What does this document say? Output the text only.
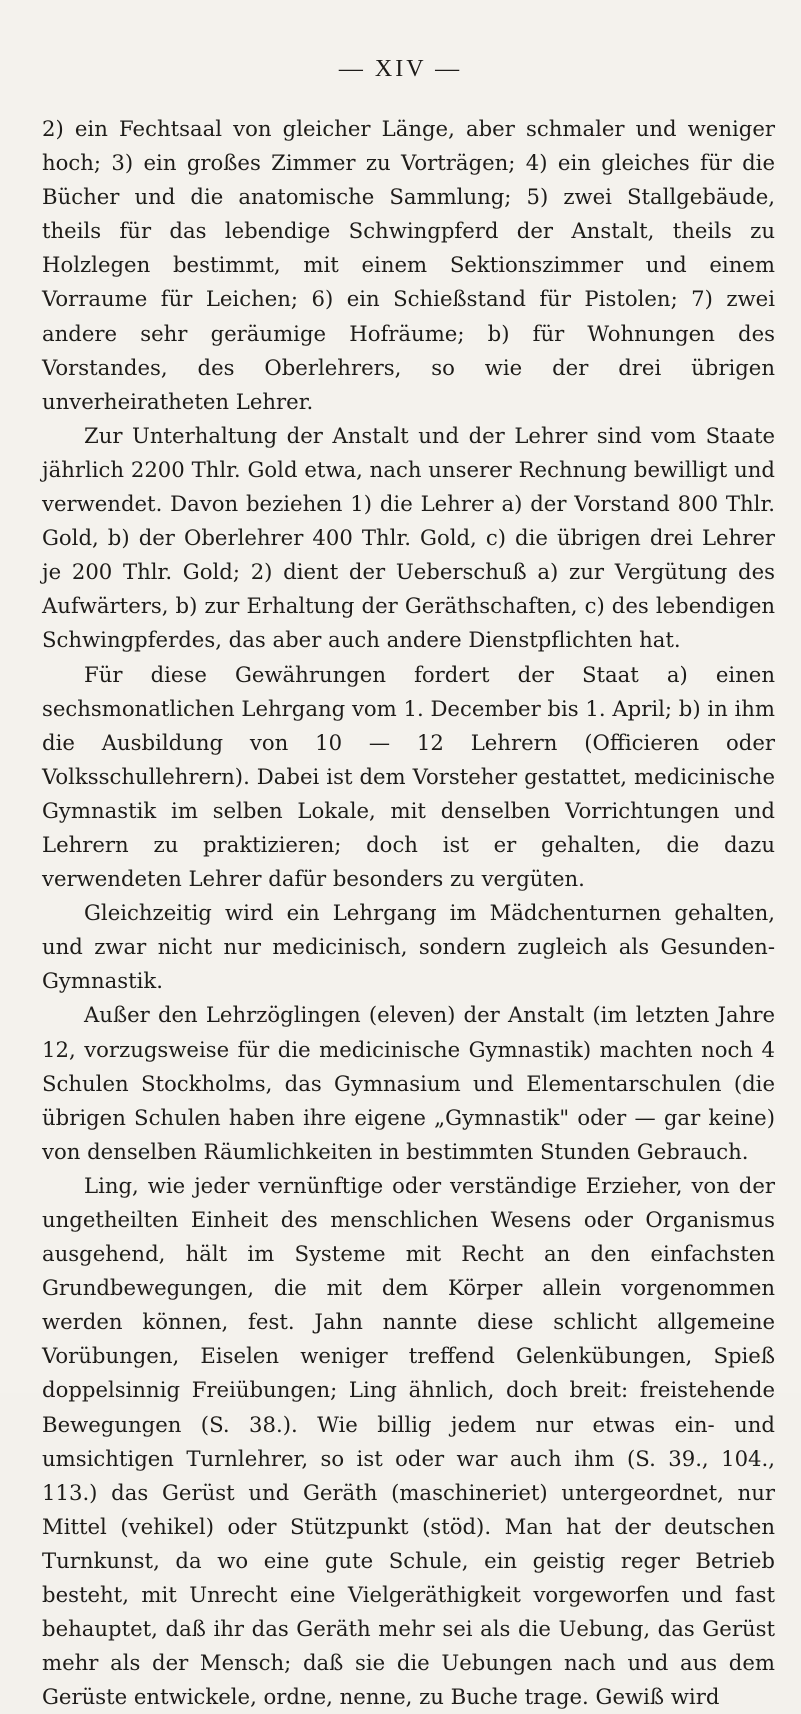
— XIV —

2) ein Fechtsaal von gleicher Länge, aber schmaler und weniger hoch; 3) ein großes Zimmer zu Vorträgen; 4) ein gleiches für die Bücher und die anatomische Sammlung; 5) zwei Stallgebäude, theils für das lebendige Schwingpferd der Anstalt, theils zu Holzlegen bestimmt, mit einem Sektionszimmer und einem Vorraume für Leichen; 6) ein Schießstand für Pistolen; 7) zwei andere sehr geräumige Hofräume; b) für Wohnungen des Vorstandes, des Oberlehrers, so wie der drei übrigen unverheiratheten Lehrer.

Zur Unterhaltung der Anstalt und der Lehrer sind vom Staate jährlich 2200 Thlr. Gold etwa, nach unserer Rechnung bewilligt und verwendet. Davon beziehen 1) die Lehrer a) der Vorstand 800 Thlr. Gold, b) der Oberlehrer 400 Thlr. Gold, c) die übrigen drei Lehrer je 200 Thlr. Gold; 2) dient der Ueberschuß a) zur Vergütung des Aufwärters, b) zur Erhaltung der Geräthschaften, c) des lebendigen Schwingpferdes, das aber auch andere Dienstpflichten hat.

Für diese Gewährungen fordert der Staat a) einen sechsmonatlichen Lehrgang vom 1. December bis 1. April; b) in ihm die Ausbildung von 10 — 12 Lehrern (Officieren oder Volksschullehrern). Dabei ist dem Vorsteher gestattet, medicinische Gymnastik im selben Lokale, mit denselben Vorrichtungen und Lehrern zu praktizieren; doch ist er gehalten, die dazu verwendeten Lehrer dafür besonders zu vergüten.

Gleichzeitig wird ein Lehrgang im Mädchenturnen gehalten, und zwar nicht nur medicinisch, sondern zugleich als Gesunden-Gymnastik.

Außer den Lehrzöglingen (eleven) der Anstalt (im letzten Jahre 12, vorzugsweise für die medicinische Gymnastik) machten noch 4 Schulen Stockholms, das Gymnasium und Elementarschulen (die übrigen Schulen haben ihre eigene „Gymnastik" oder — gar keine) von denselben Räumlichkeiten in bestimmten Stunden Gebrauch.

Ling, wie jeder vernünftige oder verständige Erzieher, von der ungetheilten Einheit des menschlichen Wesens oder Organismus ausgehend, hält im Systeme mit Recht an den einfachsten Grundbewegungen, die mit dem Körper allein vorgenommen werden können, fest. Jahn nannte diese schlicht allgemeine Vorübungen, Eiselen weniger treffend Gelenkübungen, Spieß doppelsinnig Freiübungen; Ling ähnlich, doch breit: freistehende Bewegungen (S. 38.). Wie billig jedem nur etwas ein- und umsichtigen Turnlehrer, so ist oder war auch ihm (S. 39., 104., 113.) das Gerüst und Geräth (maschineriet) untergeordnet, nur Mittel (vehikel) oder Stützpunkt (stöd). Man hat der deutschen Turnkunst, da wo eine gute Schule, ein geistig reger Betrieb besteht, mit Unrecht eine Vielgeräthigkeit vorgeworfen und fast behauptet, daß ihr das Geräth mehr sei als die Uebung, das Gerüst mehr als der Mensch; daß sie die Uebungen nach und aus dem Gerüste entwickele, ordne, nenne, zu Buche trage. Gewiß wird
